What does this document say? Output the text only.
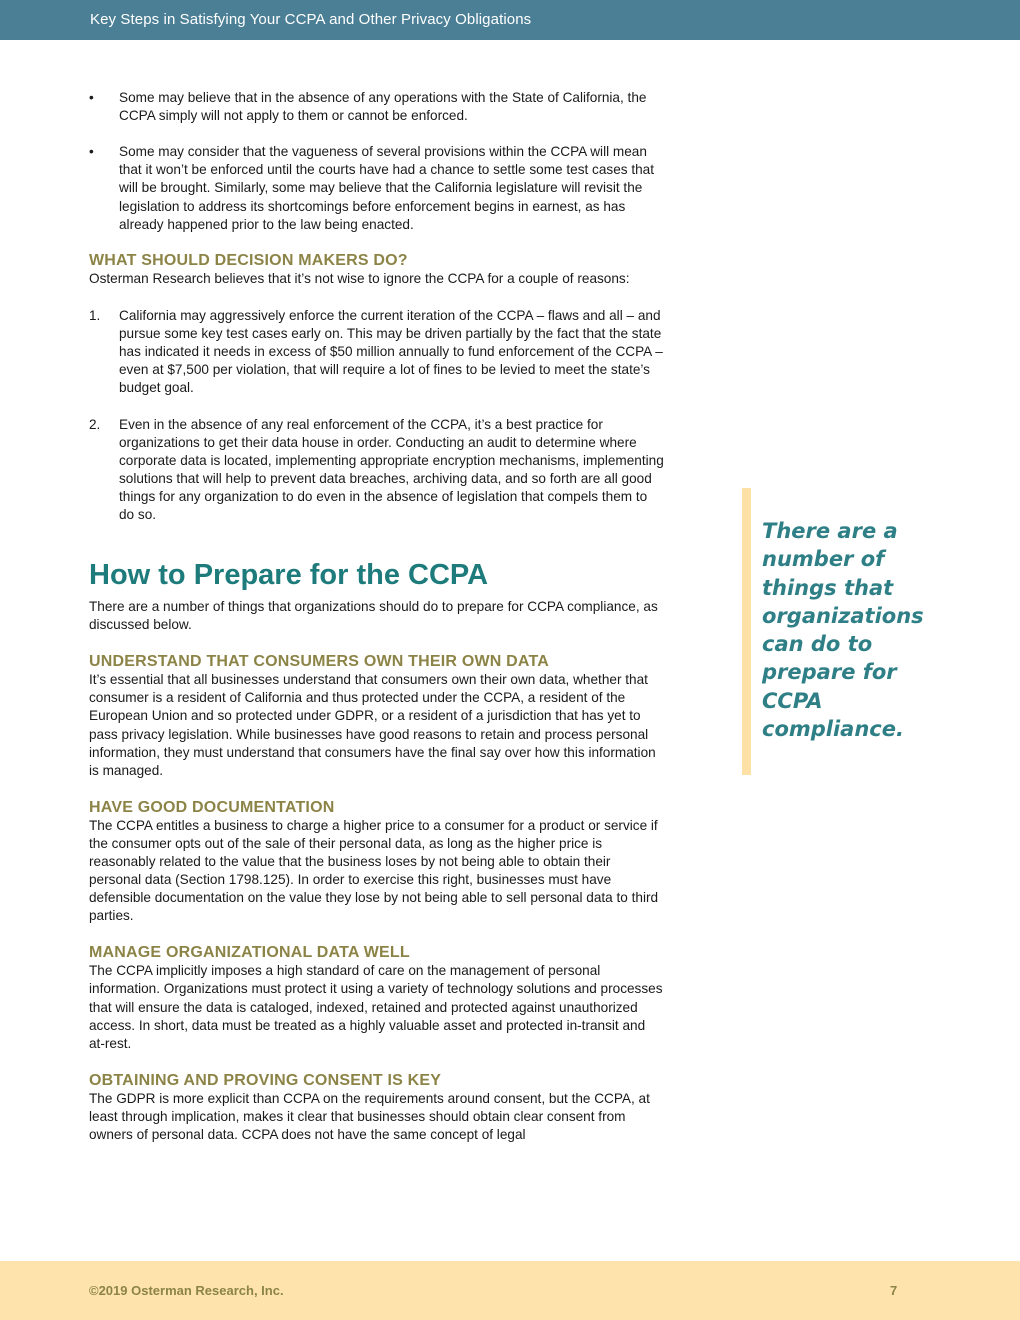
Key Steps in Satisfying Your CCPA and Other Privacy Obligations
• Some may believe that in the absence of any operations with the State of California, the CCPA simply will not apply to them or cannot be enforced.
• Some may consider that the vagueness of several provisions within the CCPA will mean that it won’t be enforced until the courts have had a chance to settle some test cases that will be brought. Similarly, some may believe that the California legislature will revisit the legislation to address its shortcomings before enforcement begins in earnest, as has already happened prior to the law being enacted.
WHAT SHOULD DECISION MAKERS DO?

Osterman Research believes that it’s not wise to ignore the CCPA for a couple of reasons:

1. California may aggressively enforce the current iteration of the CCPA – flaws and all – and pursue some key test cases early on. This may be driven partially by the fact that the state has indicated it needs in excess of $50 million annually to fund enforcement of the CCPA – even at $7,500 per violation, that will require a lot of fines to be levied to meet the state’s budget goal.
2. Even in the absence of any real enforcement of the CCPA, it’s a best practice for organizations to get their data house in order. Conducting an audit to determine where corporate data is located, implementing appropriate encryption mechanisms, implementing solutions that will help to prevent data breaches, archiving data, and so forth are all good things for any organization to do even in the absence of legislation that compels them to do so.
How to Prepare for the CCPA

There are a number of things that organizations should do to prepare for CCPA compliance, as discussed below.

UNDERSTAND THAT CONSUMERS OWN THEIR OWN DATA

It’s essential that all businesses understand that consumers own their own data, whether that consumer is a resident of California and thus protected under the CCPA, a resident of the European Union and so protected under GDPR, or a resident of a jurisdiction that has yet to pass privacy legislation. While businesses have good reasons to retain and process personal information, they must understand that consumers have the final say over how this information is managed.

HAVE GOOD DOCUMENTATION

The CCPA entitles a business to charge a higher price to a consumer for a product or service if the consumer opts out of the sale of their personal data, as long as the higher price is reasonably related to the value that the business loses by not being able to obtain their personal data (Section 1798.125). In order to exercise this right, businesses must have defensible documentation on the value they lose by not being able to sell personal data to third parties.

MANAGE ORGANIZATIONAL DATA WELL

The CCPA implicitly imposes a high standard of care on the management of personal information. Organizations must protect it using a variety of technology solutions and processes that will ensure the data is cataloged, indexed, retained and protected against unauthorized access. In short, data must be treated as a highly valuable asset and protected in-transit and at-rest.

OBTAINING AND PROVING CONSENT IS KEY

The GDPR is more explicit than CCPA on the requirements around consent, but the CCPA, at least through implication, makes it clear that businesses should obtain clear consent from owners of personal data. CCPA does not have the same concept of legal

There are a number of things that organizations can do to prepare for CCPA compliance.
©2019 Osterman Research, Inc.	7
